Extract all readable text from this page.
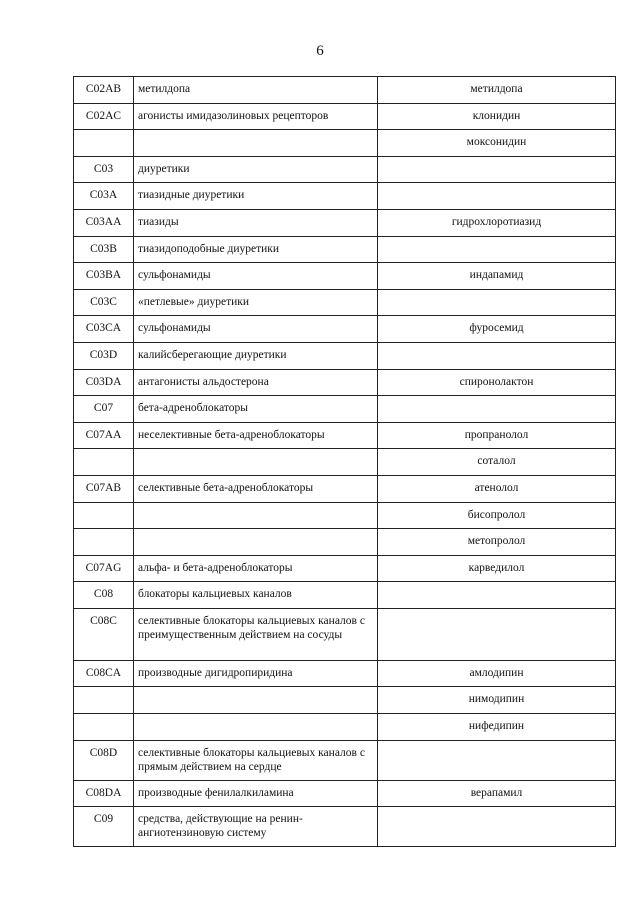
6
C02AB	метилдопа	метилдопа
C02AC	агонисты имидазолиновых рецепторов	клонидин
		моксонидин
C03	диуретики	
C03A	тиазидные диуретики	
C03AA	тиазиды	гидрохлоротиазид
C03B	тиазидоподобные диуретики	
C03BA	сульфонамиды	индапамид
C03C	«петлевые» диуретики	
C03CA	сульфонамиды	фуросемид
C03D	калийсберегающие диуретики	
C03DA	антагонисты альдостерона	спиронолактон
C07	бета-адреноблокаторы	
C07AA	неселективные бета-адреноблокаторы	пропранолол
		соталол
C07AB	селективные бета-адреноблокаторы	атенолол
		бисопролол
		метопролол
C07AG	альфа- и бета-адреноблокаторы	карведилол
C08	блокаторы кальциевых каналов	
C08C	селективные блокаторы кальциевых каналов с преимущественным действием на сосуды	
C08CA	производные дигидропиридина	амлодипин
		нимодипин
		нифедипин
C08D	селективные блокаторы кальциевых каналов с прямым действием на сердце	
C08DA	производные фенилалкиламина	верапамил
C09	средства, действующие на ренин-ангиотензиновую систему	
